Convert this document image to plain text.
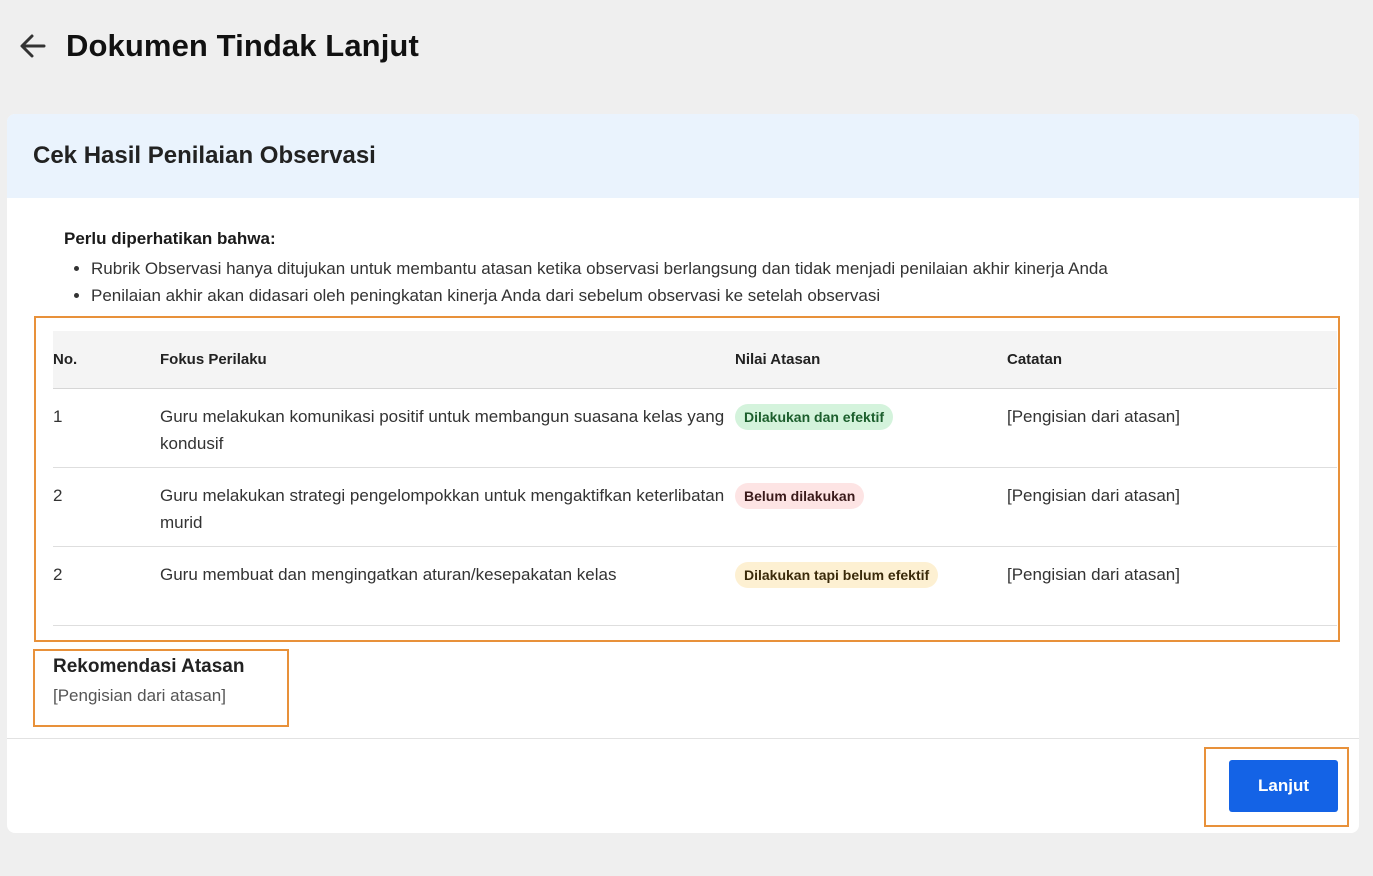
Dokumen Tindak Lanjut
Cek Hasil Penilaian Observasi
Perlu diperhatikan bahwa:
• Rubrik Observasi hanya ditujukan untuk membantu atasan ketika observasi berlangsung dan tidak menjadi penilaian akhir kinerja Anda
• Penilaian akhir akan didasari oleh peningkatan kinerja Anda dari sebelum observasi ke setelah observasi
No.	Fokus Perilaku	Nilai Atasan	Catatan
1	Guru melakukan komunikasi positif untuk membangun suasana kelas yang kondusif	Dilakukan dan efektif	[Pengisian dari atasan]
2	Guru melakukan strategi pengelompokkan untuk mengaktifkan keterlibatan murid	Belum dilakukan	[Pengisian dari atasan]
2	Guru membuat dan mengingatkan aturan/kesepakatan kelas	Dilakukan tapi belum efektif	[Pengisian dari atasan]
Rekomendasi Atasan
[Pengisian dari atasan]
Lanjut
